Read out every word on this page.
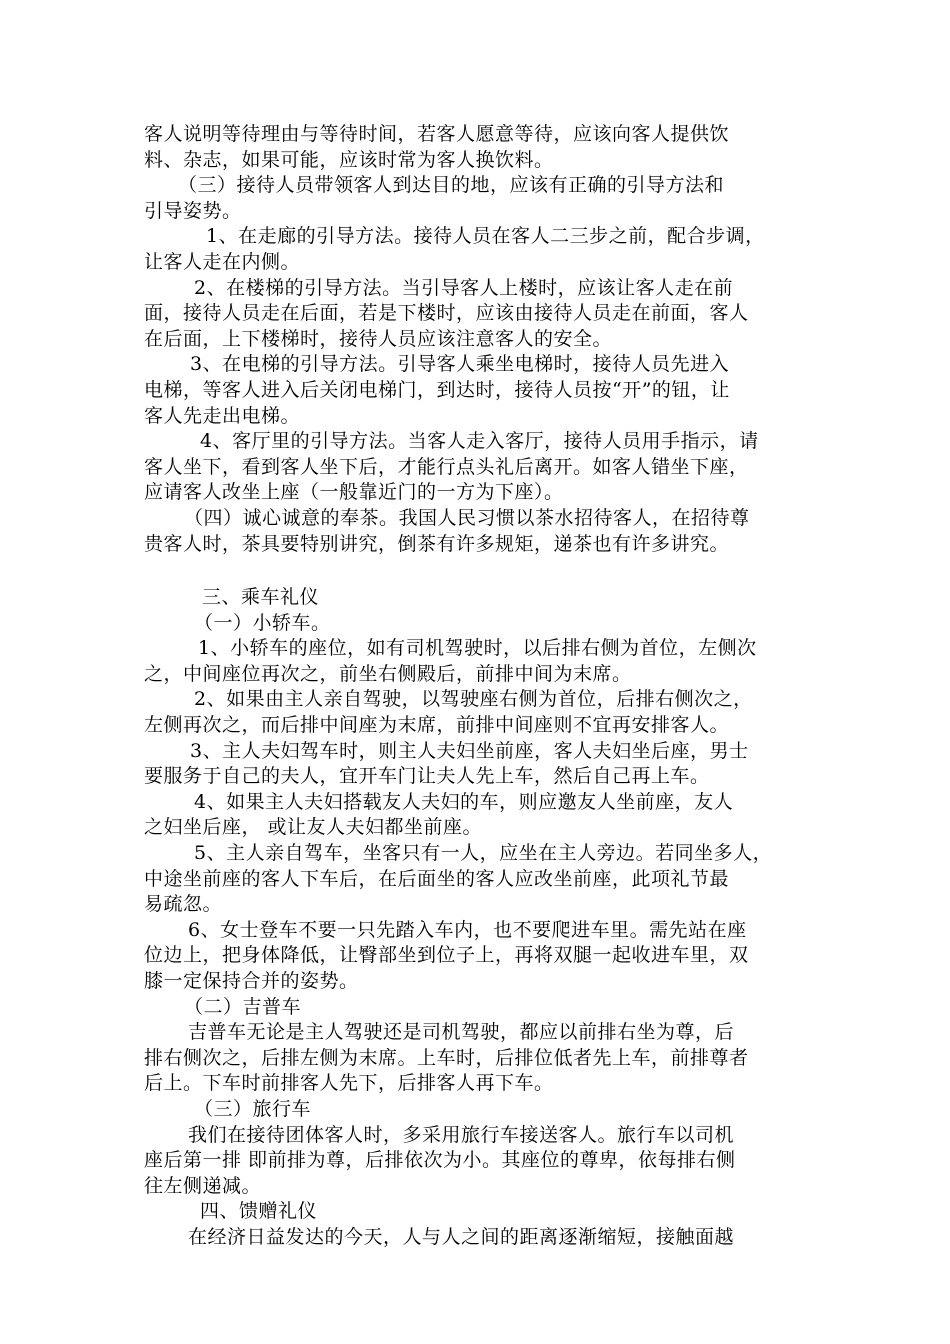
客人说明等待理由与等待时间，若客人愿意等待，应该向客人提供饮
料、杂志，如果可能，应该时常为客人换饮料。
（三）接待人员带领客人到达目的地，应该有正确的引导方法和
引导姿势。
1、在走廊的引导方法。接待人员在客人二三步之前，配合步调，
让客人走在内侧。
2、在楼梯的引导方法。当引导客人上楼时，应该让客人走在前
面，接待人员走在后面，若是下楼时，应该由接待人员走在前面，客人
在后面，上下楼梯时，接待人员应该注意客人的安全。
3、在电梯的引导方法。引导客人乘坐电梯时，接待人员先进入
电梯，等客人进入后关闭电梯门，到达时，接待人员按“开”的钮，让
客人先走出电梯。
4、客厅里的引导方法。当客人走入客厅，接待人员用手指示，请
客人坐下，看到客人坐下后，才能行点头礼后离开。如客人错坐下座，
应请客人改坐上座（一般靠近门的一方为下座）。
（四）诚心诚意的奉茶。我国人民习惯以茶水招待客人，在招待尊
贵客人时，茶具要特别讲究，倒茶有许多规矩，递茶也有许多讲究。
三、乘车礼仪
（一）小轿车。
1、小轿车的座位，如有司机驾驶时，以后排右侧为首位，左侧次
之，中间座位再次之，前坐右侧殿后，前排中间为末席。
2、如果由主人亲自驾驶，以驾驶座右侧为首位，后排右侧次之，
左侧再次之，而后排中间座为末席，前排中间座则不宜再安排客人。
3、主人夫妇驾车时，则主人夫妇坐前座，客人夫妇坐后座，男士
要服务于自己的夫人，宜开车门让夫人先上车，然后自己再上车。
4、如果主人夫妇搭载友人夫妇的车，则应邀友人坐前座，友人
之妇坐后座， 或让友人夫妇都坐前座。
5、主人亲自驾车，坐客只有一人，应坐在主人旁边。若同坐多人，
中途坐前座的客人下车后，在后面坐的客人应改坐前座，此项礼节最
易疏忽。
6、女士登车不要一只先踏入车内，也不要爬进车里。需先站在座
位边上，把身体降低，让臀部坐到位子上，再将双腿一起收进车里，双
膝一定保持合并的姿势。
（二）吉普车
吉普车无论是主人驾驶还是司机驾驶，都应以前排右坐为尊，后
排右侧次之，后排左侧为末席。上车时，后排位低者先上车，前排尊者
后上。下车时前排客人先下，后排客人再下车。
（三）旅行车
我们在接待团体客人时，多采用旅行车接送客人。旅行车以司机
座后第一排 即前排为尊，后排依次为小。其座位的尊卑，依每排右侧
往左侧递减。
四、馈赠礼仪
在经济日益发达的今天，人与人之间的距离逐渐缩短，接触面越
